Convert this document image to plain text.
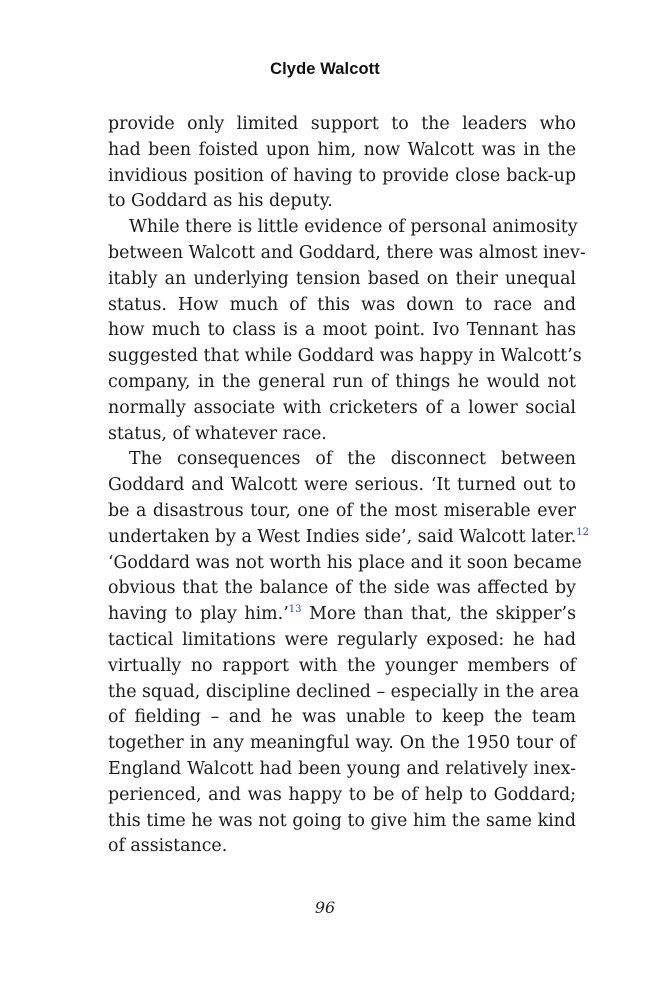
Clyde Walcott
provide only limited support to the leaders who
had been foisted upon him, now Walcott was in the
invidious position of having to provide close back-up
to Goddard as his deputy.
While there is little evidence of personal animosity
between Walcott and Goddard, there was almost inev-
itably an underlying tension based on their unequal
status. How much of this was down to race and
how much to class is a moot point. Ivo Tennant has
suggested that while Goddard was happy in Walcott’s
company, in the general run of things he would not
normally associate with cricketers of a lower social
status, of whatever race.
The consequences of the disconnect between
Goddard and Walcott were serious. ‘It turned out to
be a disastrous tour, one of the most miserable ever
undertaken by a West Indies side’, said Walcott later.$^{12}$
‘Goddard was not worth his place and it soon became
obvious that the balance of the side was affected by
having to play him.’$^{13}$ More than that, the skipper’s
tactical limitations were regularly exposed: he had
virtually no rapport with the younger members of
the squad, discipline declined – especially in the area
of fielding – and he was unable to keep the team
together in any meaningful way. On the 1950 tour of
England Walcott had been young and relatively inex-
perienced, and was happy to be of help to Goddard;
this time he was not going to give him the same kind
of assistance.
96
